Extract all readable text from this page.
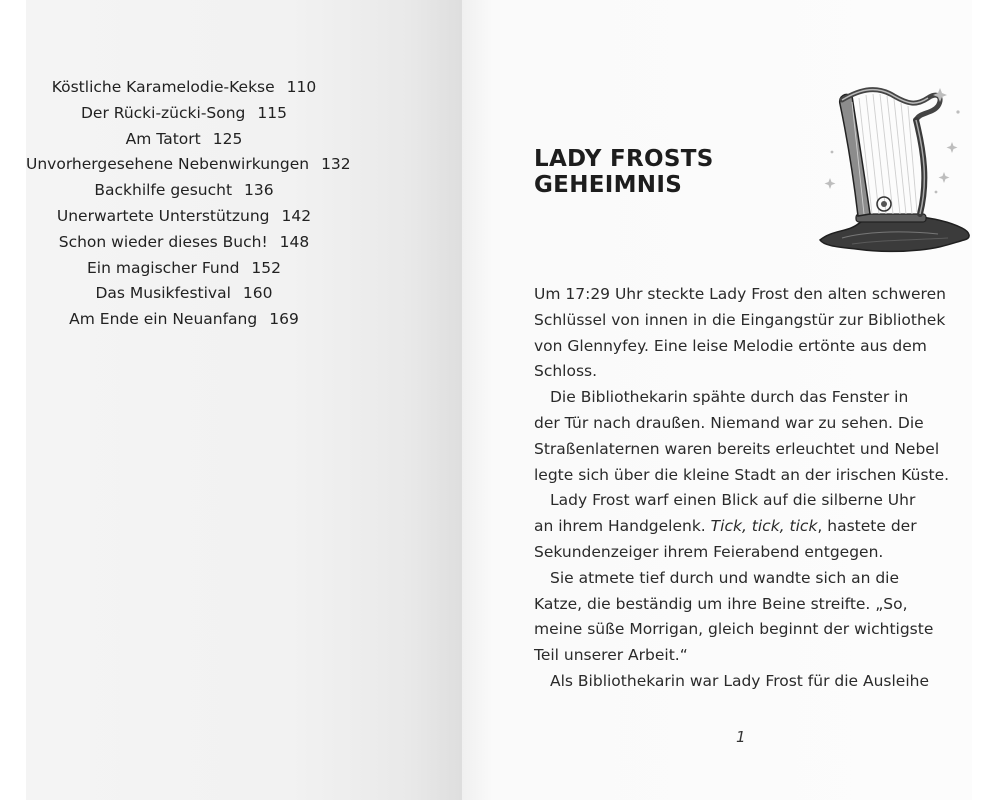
Köstliche Karamelodie-Kekse 110
Der Rücki-zücki-Song 115
Am Tatort 125
Unvorhergesehene Nebenwirkungen 132
Backhilfe gesucht 136
Unerwartete Unterstützung 142
Schon wieder dieses Buch! 148
Ein magischer Fund 152
Das Musikfestival 160
Am Ende ein Neuanfang 169
LADY FROSTS GEHEIMNIS

Um 17:29 Uhr steckte Lady Frost den alten schweren

Schlüssel von innen in die Eingangstür zur Bibliothek

von Glennyfey. Eine leise Melodie ertönte aus dem

Schloss.

Die Bibliothekarin spähte durch das Fenster in

der Tür nach draußen. Niemand war zu sehen. Die

Straßenlaternen waren bereits erleuchtet und Nebel

legte sich über die kleine Stadt an der irischen Küste.

Lady Frost warf einen Blick auf die silberne Uhr

an ihrem Handgelenk. Tick, tick, tick, hastete der

Sekundenzeiger ihrem Feierabend entgegen.

Sie atmete tief durch und wandte sich an die

Katze, die beständig um ihre Beine streifte. „So,

meine süße Morrigan, gleich beginnt der wichtigste

Teil unserer Arbeit.“

Als Bibliothekarin war Lady Frost für die Ausleihe

1
